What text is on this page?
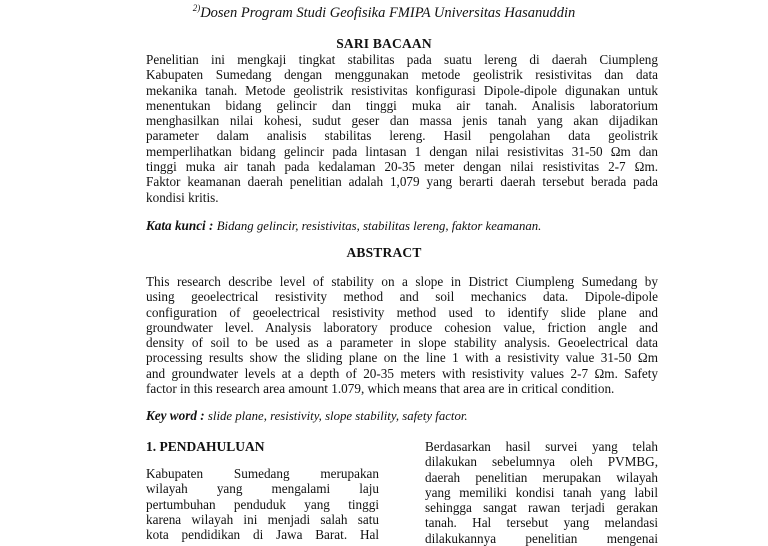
$^{2)}$Dosen Program Studi Geofisika FMIPA Universitas Hasanuddin
SARI BACAAN
Penelitian ini mengkaji tingkat stabilitas pada suatu lereng di daerah Ciumpleng
Kabupaten Sumedang dengan menggunakan metode geolistrik resistivitas dan data
mekanika tanah. Metode geolistrik resistivitas konfigurasi Dipole-dipole digunakan untuk
menentukan bidang gelincir dan tinggi muka air tanah. Analisis laboratorium
menghasilkan nilai kohesi, sudut geser dan massa jenis tanah yang akan dijadikan
parameter dalam analisis stabilitas lereng. Hasil pengolahan data geolistrik
memperlihatkan bidang gelincir pada lintasan 1 dengan nilai resistivitas 31-50 Ωm dan
tinggi muka air tanah pada kedalaman 20-35 meter dengan nilai resistivitas 2-7 Ωm.
Faktor keamanan daerah penelitian adalah 1,079 yang berarti daerah tersebut berada pada
kondisi kritis.
Kata kunci : Bidang gelincir, resistivitas, stabilitas lereng, faktor keamanan.
ABSTRACT
This research describe level of stability on a slope in District Ciumpleng Sumedang by
using geoelectrical resistivity method and soil mechanics data. Dipole-dipole
configuration of geoelectrical resistivity method used to identify slide plane and
groundwater level. Analysis laboratory produce cohesion value, friction angle and
density of soil to be used as a parameter in slope stability analysis. Geoelectrical data
processing results show the sliding plane on the line 1 with a resistivity value 31-50 Ωm
and groundwater levels at a depth of 20-35 meters with resistivity values 2-7 Ωm. Safety
factor in this research area amount 1.079, which means that area are in critical condition.
Key word : slide plane, resistivity, slope stability, safety factor.
1. PENDAHULUAN
Kabupaten Sumedang merupakan
wilayah yang mengalami laju
pertumbuhan penduduk yang tinggi
karena wilayah ini menjadi salah satu
kota pendidikan di Jawa Barat. Hal
Berdasarkan hasil survei yang telah
dilakukan sebelumnya oleh PVMBG,
daerah penelitian merupakan wilayah
yang memiliki kondisi tanah yang labil
sehingga sangat rawan terjadi gerakan
tanah. Hal tersebut yang melandasi
dilakukannya penelitian mengenai
